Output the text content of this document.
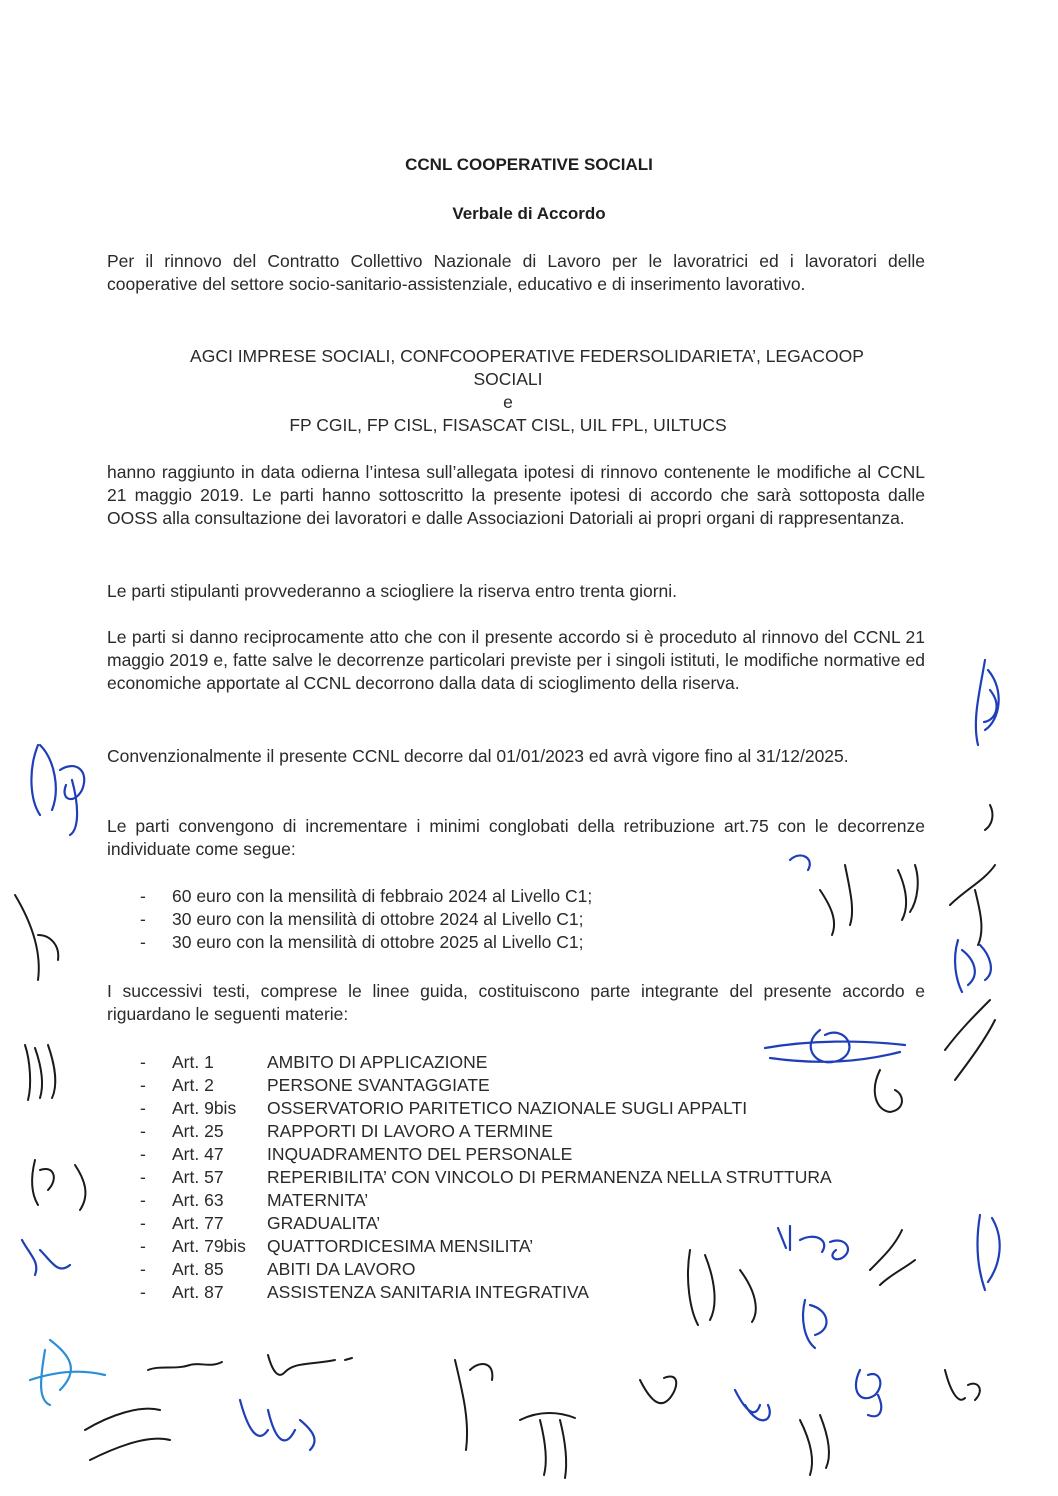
CCNL COOPERATIVE SOCIALI
Verbale di Accordo
Per il rinnovo del Contratto Collettivo Nazionale di Lavoro per le lavoratrici ed i lavoratori delle cooperative del settore socio-sanitario-assistenziale, educativo e di inserimento lavorativo.
AGCI IMPRESE SOCIALI, CONFCOOPERATIVE FEDERSOLIDARIETA’, LEGACOOP
SOCIALI
e
FP CGIL, FP CISL, FISASCAT CISL, UIL FPL, UILTUCS
hanno raggiunto in data odierna l’intesa sull’allegata ipotesi di rinnovo contenente le modifiche al CCNL 21 maggio 2019. Le parti hanno sottoscritto la presente ipotesi di accordo che sarà sottoposta dalle OOSS alla consultazione dei lavoratori e dalle Associazioni Datoriali ai propri organi di rappresentanza.
Le parti stipulanti provvederanno a sciogliere la riserva entro trenta giorni.
Le parti si danno reciprocamente atto che con il presente accordo si è proceduto al rinnovo del CCNL 21 maggio 2019 e, fatte salve le decorrenze particolari previste per i singoli istituti, le modifiche normative ed economiche apportate al CCNL decorrono dalla data di scioglimento della riserva.
Convenzionalmente il presente CCNL decorre dal 01/01/2023 ed avrà vigore fino al 31/12/2025.
Le parti convengono di incrementare i minimi conglobati della retribuzione art.75 con le decorrenze individuate come segue:
- 60 euro con la mensilità di febbraio 2024 al Livello C1;
- 30 euro con la mensilità di ottobre 2024 al Livello C1;
- 30 euro con la mensilità di ottobre 2025 al Livello C1;
I successivi testi, comprese le linee guida, costituiscono parte integrante del presente accordo e riguardano le seguenti materie:
- Art. 1	AMBITO DI APPLICAZIONE
- Art. 2	PERSONE SVANTAGGIATE
- Art. 9bis OSSERVATORIO PARITETICO NAZIONALE SUGLI APPALTI
- Art. 25 RAPPORTI DI LAVORO A TERMINE
- Art. 47 INQUADRAMENTO DEL PERSONALE
- Art. 57 REPERIBILITA’ CON VINCOLO DI PERMANENZA NELLA STRUTTURA
- Art. 63 MATERNITA’
- Art. 77 GRADUALITA’
- Art. 79bis QUATTORDICESIMA MENSILITA’
- Art. 85 ABITI DA LAVORO
- Art. 87 ASSISTENZA SANITARIA INTEGRATIVA
